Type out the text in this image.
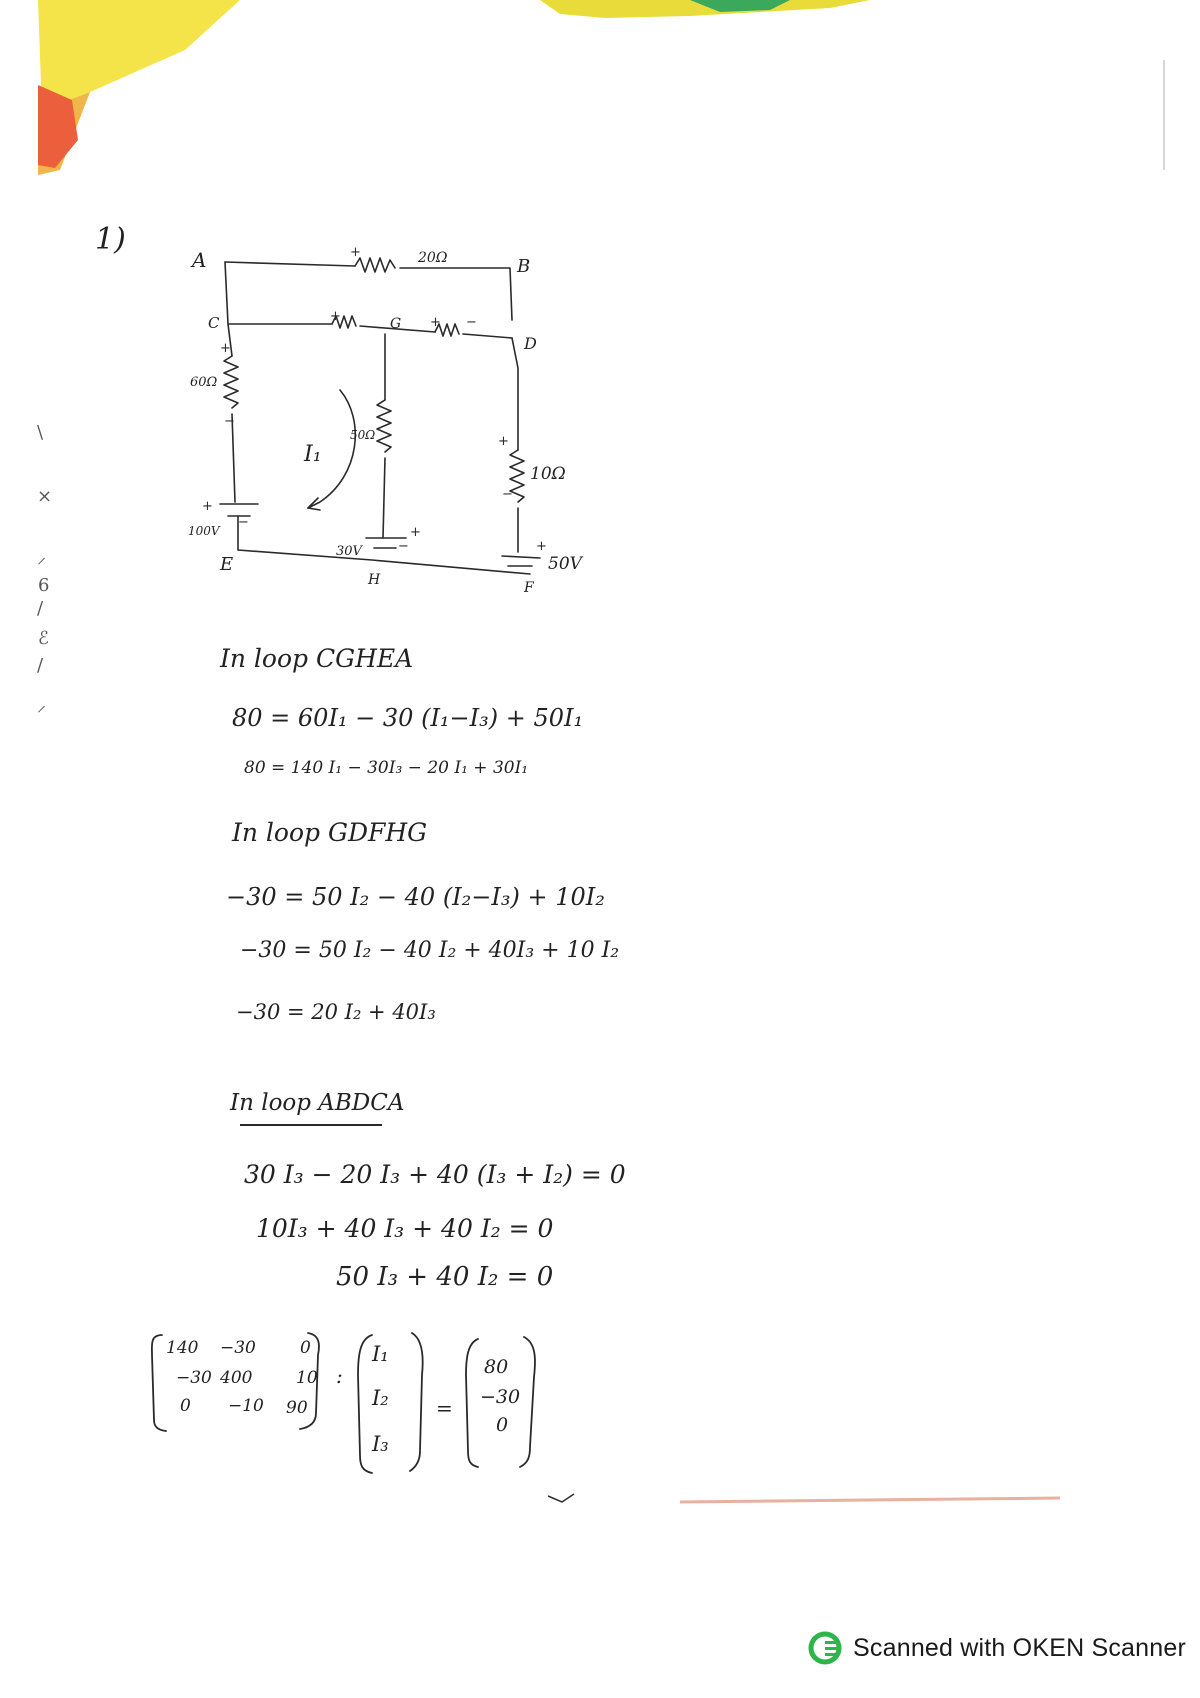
\
×
⸝
6
/
ℰ
/
⸝
1)	+
+	+ −
+
−
+
−
+
−
+
−	+
A	B
C
D
E
H	F
G
20Ω
60Ω
50Ω
10Ω
100V
30V
50V
I₁
In loop CGHEA
80 = 60I₁ − 30 (I₁−I₃) + 50I₁
80 = 140 I₁ − 30I₃ − 20 I₁ + 30I₁
In loop GDFHG
−30 = 50 I₂ − 40 (I₂−I₃) + 10I₂
−30 = 50 I₂ − 40 I₂ + 40I₃ + 10 I₂
−30 = 20 I₂ + 40I₃
In loop ABDCA
30 I₃ − 20 I₃ + 40 (I₃ + I₂) = 0
10I₃ + 40 I₃ + 40 I₂ = 0
50 I₃ + 40 I₂ = 0
140 −30	0
−30 400	10
0 −10 90
:
I₁
I₂
I₃
=
80
−30
0
Scanned with OKEN Scanner
